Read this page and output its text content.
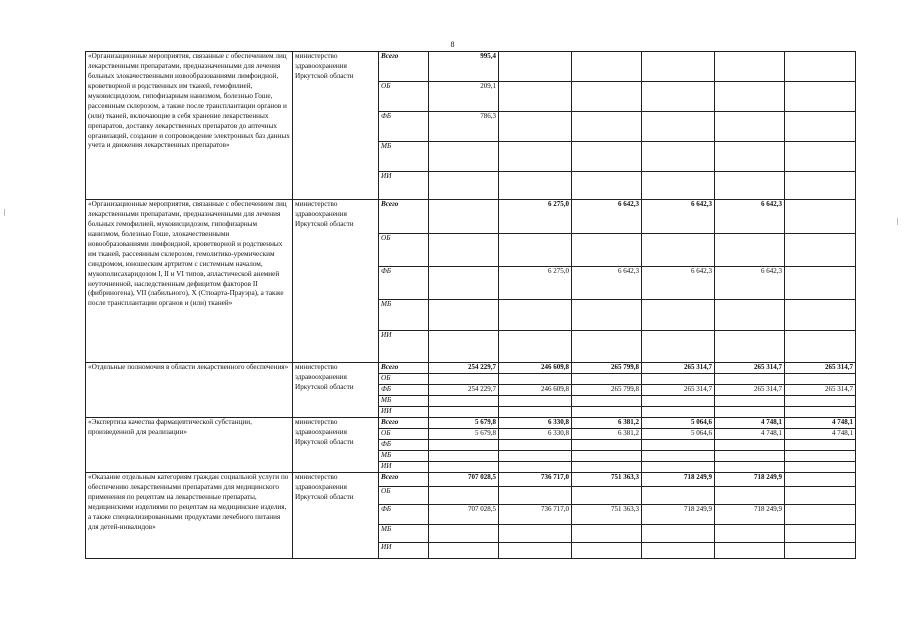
8
«Организационные мероприятия, связанные с обеспечением лиц лекарственными препаратами, предназначенными для лечения больных злокачественными новообразованиями лимфоидной, кроветворной и родственных им тканей, гемофилией, муковисцидозом, гипофизарным нанизмом, болезнью Гоше, рассеянным склерозом, а также после трансплантации органов и (или) тканей, включающие в себя хранение лекарственных препаратов, доставку лекарственных препаратов до аптечных организаций, создание и сопровождение электронных баз данных учета и движения лекарственных препаратов»	министерство здравоохранения Иркутской области	Всего	995,4					
		ОБ	209,1					
		ФБ	786,3					
		МБ						
		ИИ						
«Организационные мероприятия, связанные с обеспечением лиц лекарственными препаратами, предназначенными для лечения больных гемофилией, муковисцидозом, гипофизарным нанизмом, болезнью Гоше, злокачественными новообразованиями лимфоидной, кроветворной и родственных им тканей, рассеянным склерозом, гемолитико-уремическим синдромом, юношеским артритом с системным началом, мукополисахаридозом I, II и VI типов, апластической анемией неуточненной, наследственным дефицитом факторов II (фибриногена), VII (лабильного), X (Стюарта-Прауэра), а также после трансплантации органов и (или) тканей»	министерство здравоохранения Иркутской области	Всего		6 275,0	6 642,3	6 642,3	6 642,3	
		ОБ						
		ФБ		6 275,0	6 642,3	6 642,3	6 642,3	
		МБ						
		ИИ						
«Отдельные полномочия в области лекарственного обеспечения»	министерство здравоохранения Иркутской области	Всего	254 229,7	246 609,8	265 799,8	265 314,7	265 314,7	265 314,7
		ОБ						
		ФБ	254 229,7	246 609,8	265 799,8	265 314,7	265 314,7	265 314,7
		МБ						
		ИИ						
«Экспертиза качества фармацевтической субстанции, произведенной для реализации»	министерство здравоохранения Иркутской области	Всего	5 679,8	6 330,8	6 381,2	5 064,6	4 748,1	4 748,1
		ОБ	5 679,8	6 330,8	6 381,2	5 064,6	4 748,1	4 748,1
		ФБ						
		МБ						
		ИИ						
«Оказание отдельным категориям граждан социальной услуги по обеспечению лекарственными препаратами для медицинского применения по рецептам на лекарственные препараты, медицинскими изделиями по рецептам на медицинские изделия, а также специализированными продуктами лечебного питания для детей-инвалидов»	министерство здравоохранения Иркутской области	Всего	707 028,5	736 717,0	751 363,3	718 249,9	718 249,9	
		ОБ						
		ФБ	707 028,5	736 717,0	751 363,3	718 249,9	718 249,9	
		МБ						
		ИИ						
